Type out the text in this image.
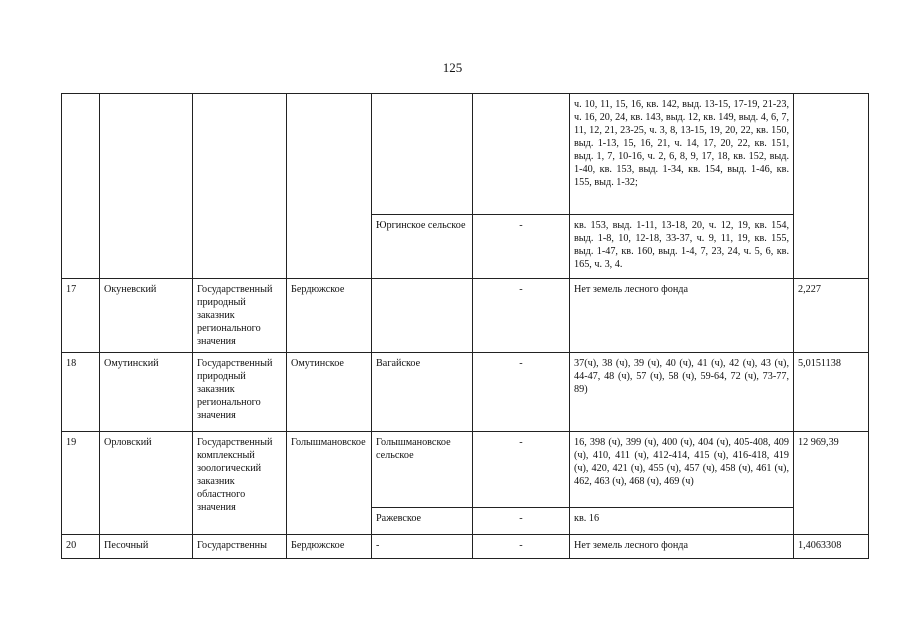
125
						ч. 10, 11, 15, 16, кв. 142, выд. 13-15, 17-19, 21-23, ч. 16, 20, 24, кв. 143, выд. 12, кв. 149, выд. 4, 6, 7, 11, 12, 21, 23-25, ч. 3, 8, 13-15, 19, 20, 22, кв. 150, выд. 1-13, 15, 16, 21, ч. 14, 17, 20, 22, кв. 151, выд. 1, 7, 10-16, ч. 2, 6, 8, 9, 17, 18, кв. 152, выд. 1-40, кв. 153, выд. 1-34, кв. 154, выд. 1-46, кв. 155, выд. 1-32;	
				Юргинское сельское	-	кв. 153, выд. 1-11, 13-18, 20, ч. 12, 19, кв. 154, выд. 1-8, 10, 12-18, 33-37, ч. 9, 11, 19, кв. 155, выд. 1-47, кв. 160, выд. 1-4, 7, 23, 24, ч. 5, 6, кв. 165, ч. 3, 4.	
17	Окуневский	Государственный природный заказник регионального значения	Бердюжское		-	Нет земель лесного фонда	2,227
18	Омутинский	Государственный природный заказник регионального значения	Омутинское	Вагайское	-	37(ч), 38 (ч), 39 (ч), 40 (ч), 41 (ч), 42 (ч), 43 (ч), 44-47, 48 (ч), 57 (ч), 58 (ч), 59-64, 72 (ч), 73-77, 89)	5,0151138
19	Орловский	Государственный комплексный зоологический заказник областного значения	Голышмановское	Голышмановское сельское	-	16, 398 (ч), 399 (ч), 400 (ч), 404 (ч), 405-408, 409 (ч), 410, 411 (ч), 412-414, 415 (ч), 416-418, 419 (ч), 420, 421 (ч), 455 (ч), 457 (ч), 458 (ч), 461 (ч), 462, 463 (ч), 468 (ч), 469 (ч)	12 969,39
				Ражевское	-	кв. 16	
20	Песочный	Государственны	Бердюжское	-	-	Нет земель лесного фонда	1,4063308
